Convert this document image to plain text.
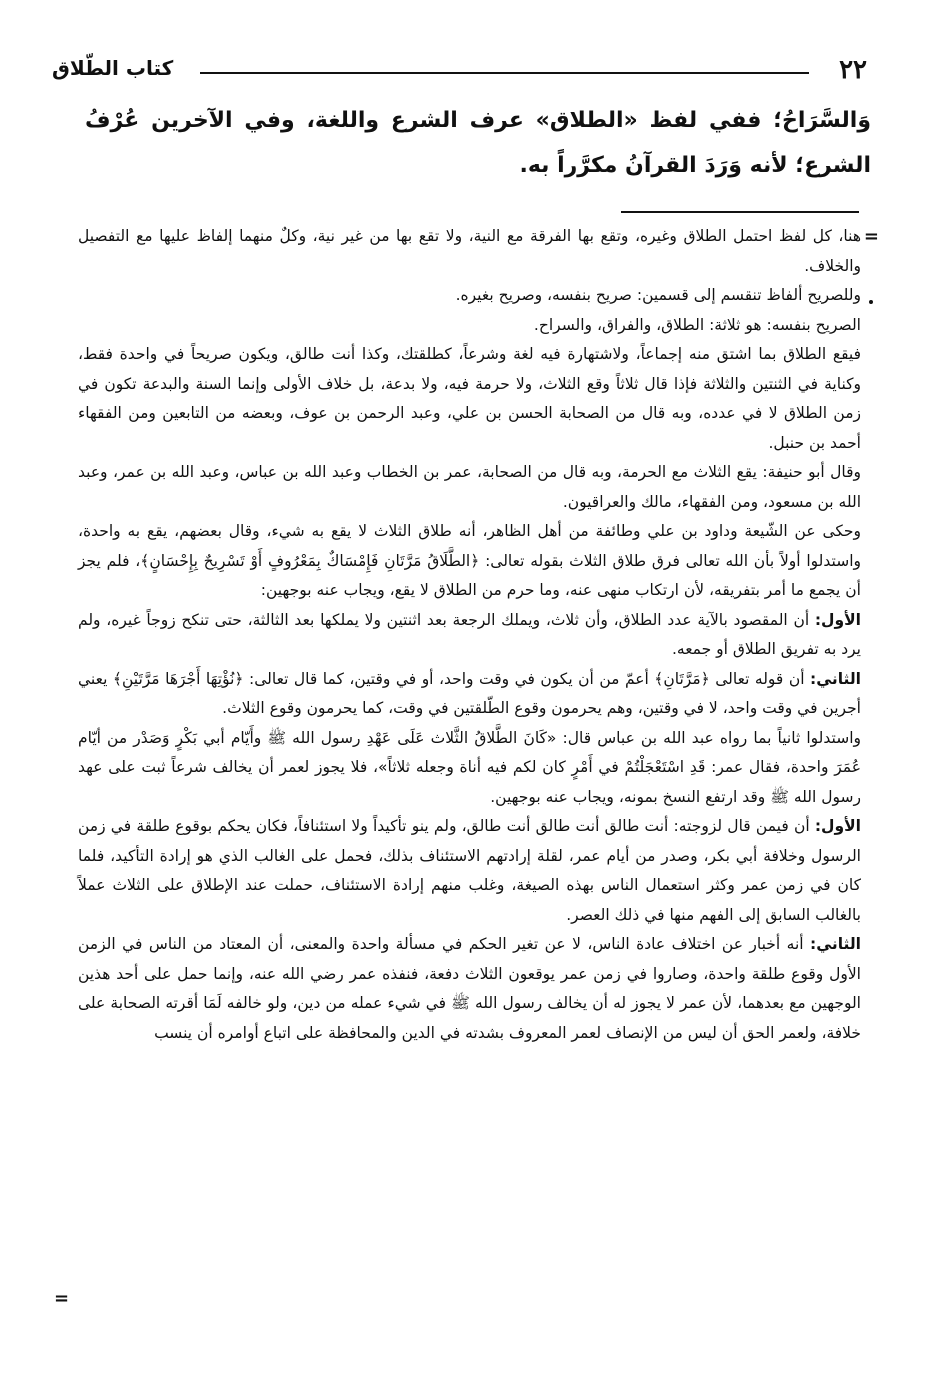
٢٢
كتاب الطّلاق

وَالسَّرَاحُ؛ ففي لفظ «الطلاق» عرف الشرع واللغة، وفي الآخرين عُرْفُ الشرع؛ لأنه وَرَدَ القرآنُ مكرَّراً به.

=

هنا، كل لفظ احتمل الطلاق وغيره، وتقع بها الفرقة مع النية، ولا تقع بها من غير نية، وكلٌ منهما إلفاظ عليها مع التفصيل والخلاف.

وللصريح ألفاظ تنقسم إلى قسمين: صريح بنفسه، وصريح بغيره.

الصريح بنفسه: هو ثلاثة: الطلاق، والفراق، والسراح.

فيقع الطلاق بما اشتق منه إجماعاً، ولاشتهارة فيه لغة وشرعاً، كطلقتك، وكذا أنت طالق، ويكون صريحاً في واحدة فقط، وكناية في الثنتين والثلاثة فإذا قال ثلاثاً وقع الثلاث، ولا حرمة فيه، ولا بدعة، بل خلاف الأولى وإنما السنة والبدعة تكون في زمن الطلاق لا في عدده، وبه قال من الصحابة الحسن بن علي، وعبد الرحمن بن عوف، وبعضه من التابعين ومن الفقهاء أحمد بن حنبل.

وقال أبو حنيفة: يقع الثلاث مع الحرمة، وبه قال من الصحابة، عمر بن الخطاب وعبد الله بن عباس، وعبد الله بن عمر، وعبد الله بن مسعود، ومن الفقهاء، مالك والعراقيون.

وحكى عن الشّيعة وداود بن علي وطائفة من أهل الظاهر، أنه طلاق الثلاث لا يقع به شيء، وقال بعضهم، يقع به واحدة، واستدلوا أولاً بأن الله تعالى فرق طلاق الثلاث بقوله تعالى: ﴿الطَّلَاقُ مَرَّتَانِ فَإِمْسَاكٌ بِمَعْرُوفٍ أَوْ تَسْرِيحٌ بِإِحْسَانٍ﴾، فلم يجز أن يجمع ما أمر بتفريقه، لأن ارتكاب منهى عنه، وما حرم من الطلاق لا يقع، ويجاب عنه بوجهين:

الأول: أن المقصود بالآية عدد الطلاق، وأن ثلاث، ويملك الرجعة بعد اثنتين ولا يملكها بعد الثالثة، حتى تنكح زوجاً غيره، ولم يرد به تفريق الطلاق أو جمعه.

الثاني: أن قوله تعالى ﴿مَرَّتَانِ﴾ أعمّ من أن يكون في وقت واحد، أو في وقتين، كما قال تعالى: ﴿نُؤْتِهَا أَجْرَهَا مَرَّتَيْنِ﴾ يعني أجرين في وقت واحد، لا في وقتين، وهم يحرمون وقوع الطّلقتين في وقت، كما يحرمون وقوع الثلاث.

واستدلوا ثانياً بما رواه عبد الله بن عباس قال: «كَانَ الطَّلاقُ الثَّلاث عَلَى عَهْدِ رسول الله ﷺ وأَيّام أبي بَكْرٍ وَصَدْر من أيّام عُمَرَ واحدة، فقال عمر: قَدِ اسْتَعْجَلْتُمْ في أَمْرٍ كان لكم فيه أناة وجعله ثلاثاً»، فلا يجوز لعمر أن يخالف شرعاً ثبت على عهد رسول الله ﷺ وقد ارتفع النسخ بمونه، ويجاب عنه بوجهين.

الأول: أن فيمن قال لزوجته: أنت طالق أنت طالق أنت طالق، ولم ينو تأكيداً ولا استئنافاً، فكان يحكم بوقوع طلقة في زمن الرسول وخلافة أبي بكر، وصدر من أيام عمر، لقلة إرادتهم الاستئناف بذلك، فحمل على الغالب الذي هو إرادة التأكيد، فلما كان في زمن عمر وكثر استعمال الناس بهذه الصيغة، وغلب منهم إرادة الاستئناف، حملت عند الإطلاق على الثلاث عملاً بالغالب السابق إلى الفهم منها في ذلك العصر.

الثاني: أنه أخبار عن اختلاف عادة الناس، لا عن تغير الحكم في مسألة واحدة والمعنى، أن المعتاد من الناس في الزمن الأول وقوع طلقة واحدة، وصاروا في زمن عمر يوقعون الثلاث دفعة، فنفذه عمر رضي الله عنه، وإنما حمل على أحد هذين الوجهين مع بعدهما، لأن عمر لا يجوز له أن يخالف رسول الله ﷺ في شيء عمله من دين، ولو خالفه لَمَا أقرته الصحابة على خلافة، ولعمر الحق أن ليس من الإنصاف لعمر المعروف بشدته في الدين والمحافظة على اتباع أوامره أن ينسب

=
